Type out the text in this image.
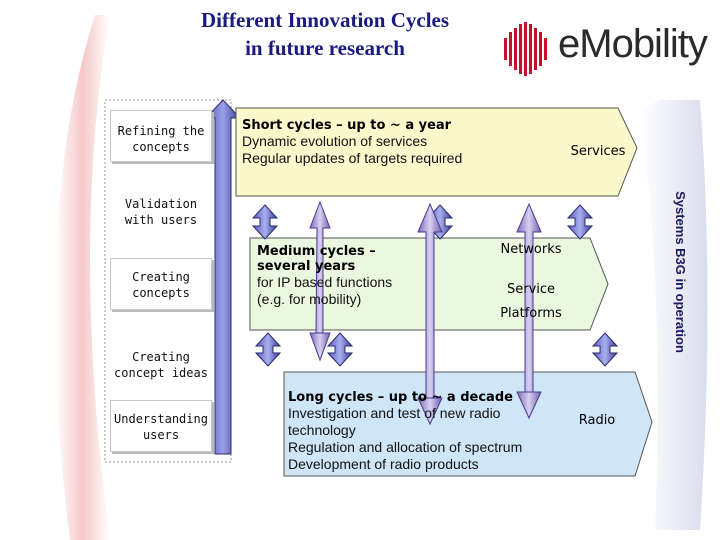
Different Innovation Cycles
in future research	eMobility
Refining the concepts
Validation with users
Creating concepts
Creating concept ideas
Understanding users
Systems B3G in operation
Short cycles – up to ~ a year
Dynamic evolution of services
Regular updates of targets required	Services
Medium cycles –
several years
for IP based functions
(e.g. for mobility)
Networks
Service
Platforms
Long cycles – up to ~ a decade
Investigation and test of new radio
technology
Regulation and allocation of spectrum
Development of radio products
Radio
